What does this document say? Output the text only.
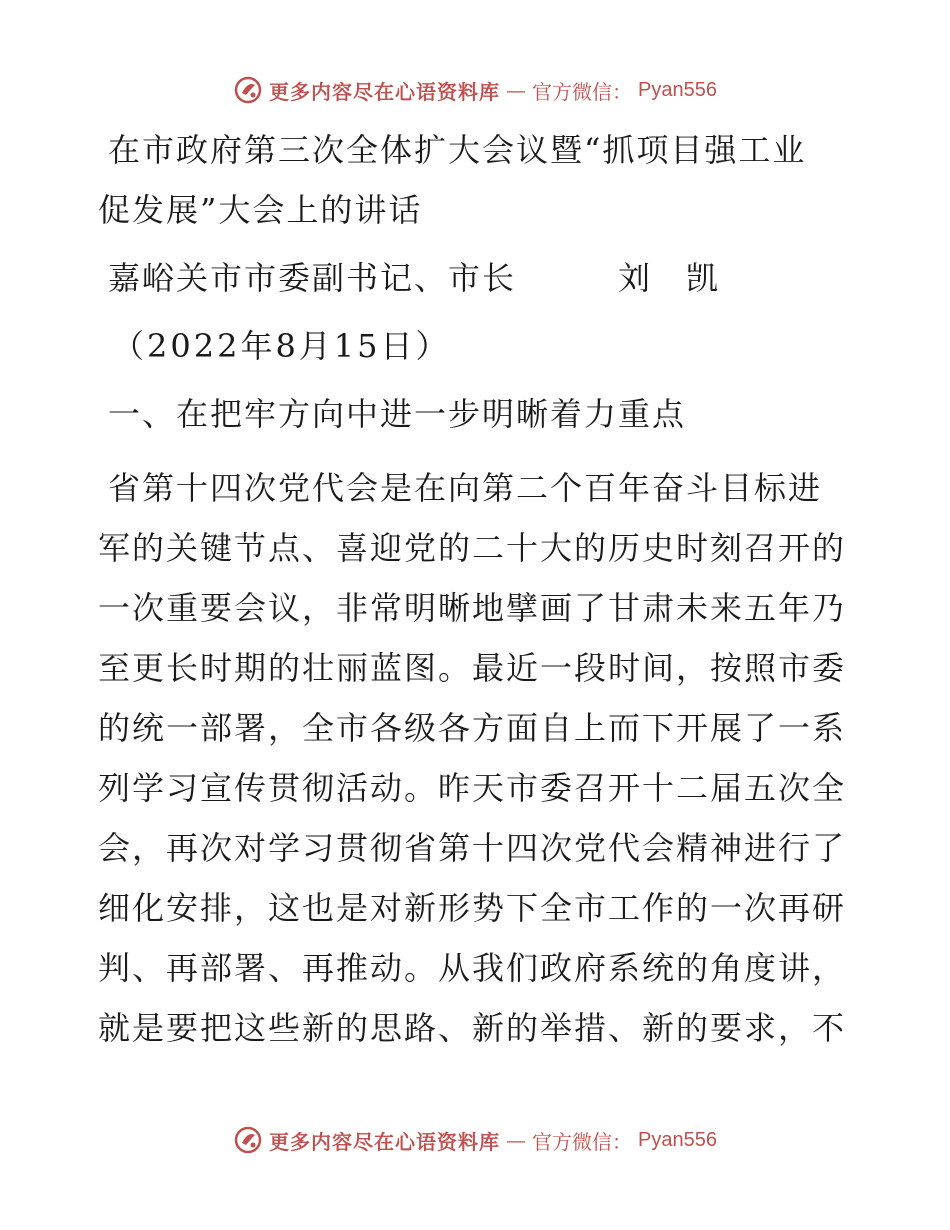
更多内容尽在心语资料库 — 官方微信： Pyan556
在市政府第三次全体扩大会议暨“抓项目强工业
促发展”大会上的讲话
嘉峪关市市委副书记、市长　　　刘　凯
（2022年8月15日）
一、在把牢方向中进一步明晰着力重点
省第十四次党代会是在向第二个百年奋斗目标进
军的关键节点、喜迎党的二十大的历史时刻召开的
一次重要会议，非常明晰地擘画了甘肃未来五年乃
至更长时期的壮丽蓝图。最近一段时间，按照市委
的统一部署，全市各级各方面自上而下开展了一系
列学习宣传贯彻活动。昨天市委召开十二届五次全
会，再次对学习贯彻省第十四次党代会精神进行了
细化安排，这也是对新形势下全市工作的一次再研
判、再部署、再推动。从我们政府系统的角度讲，
就是要把这些新的思路、新的举措、新的要求，不
更多内容尽在心语资料库 — 官方微信： Pyan556
